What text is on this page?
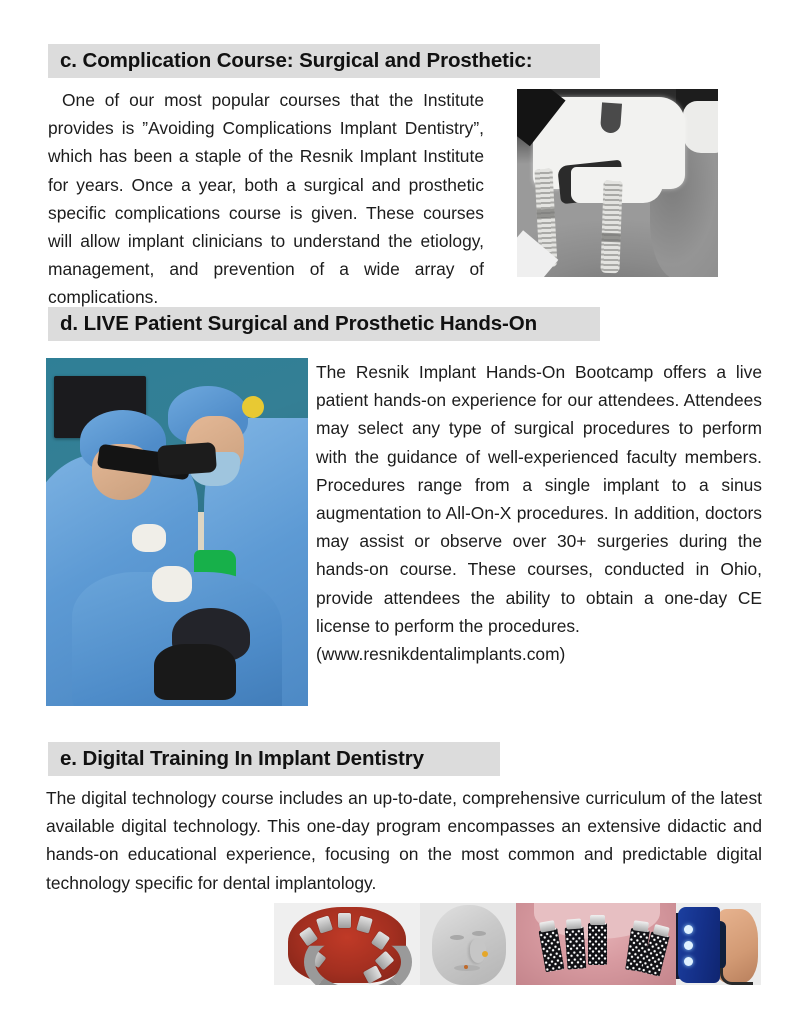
c. Complication Course: Surgical and Prosthetic:
One of our most popular courses that the Institute provides is ”Avoiding Complications Implant Dentistry”, which has been a staple of the Resnik Implant Institute for years. Once a year, both a surgical and prosthetic specific complications course is given. These courses will allow implant clinicians to understand the etiology, management, and prevention of a wide array of complications.
d. LIVE Patient Surgical and Prosthetic Hands-On
The Resnik Implant Hands-On Bootcamp offers a live patient hands-on experience for our attendees. Attendees may select any type of surgical procedures to perform with the guidance of well-experienced faculty members. Procedures range from a single implant to a sinus augmentation to All-On-X procedures. In addition, doctors may assist or observe over 30+ surgeries during the hands-on course. These courses, conducted in Ohio, provide attendees the ability to obtain a one-day CE license to perform the procedures.
(www.resnikdentalimplants.com)
e. Digital Training In Implant Dentistry
The digital technology course includes an up-to-date, comprehensive curriculum of the latest available digital technology. This one-day program encompasses an extensive didactic and hands-on educational experience, focusing on the most common and predictable digital technology specific for dental implantology.
